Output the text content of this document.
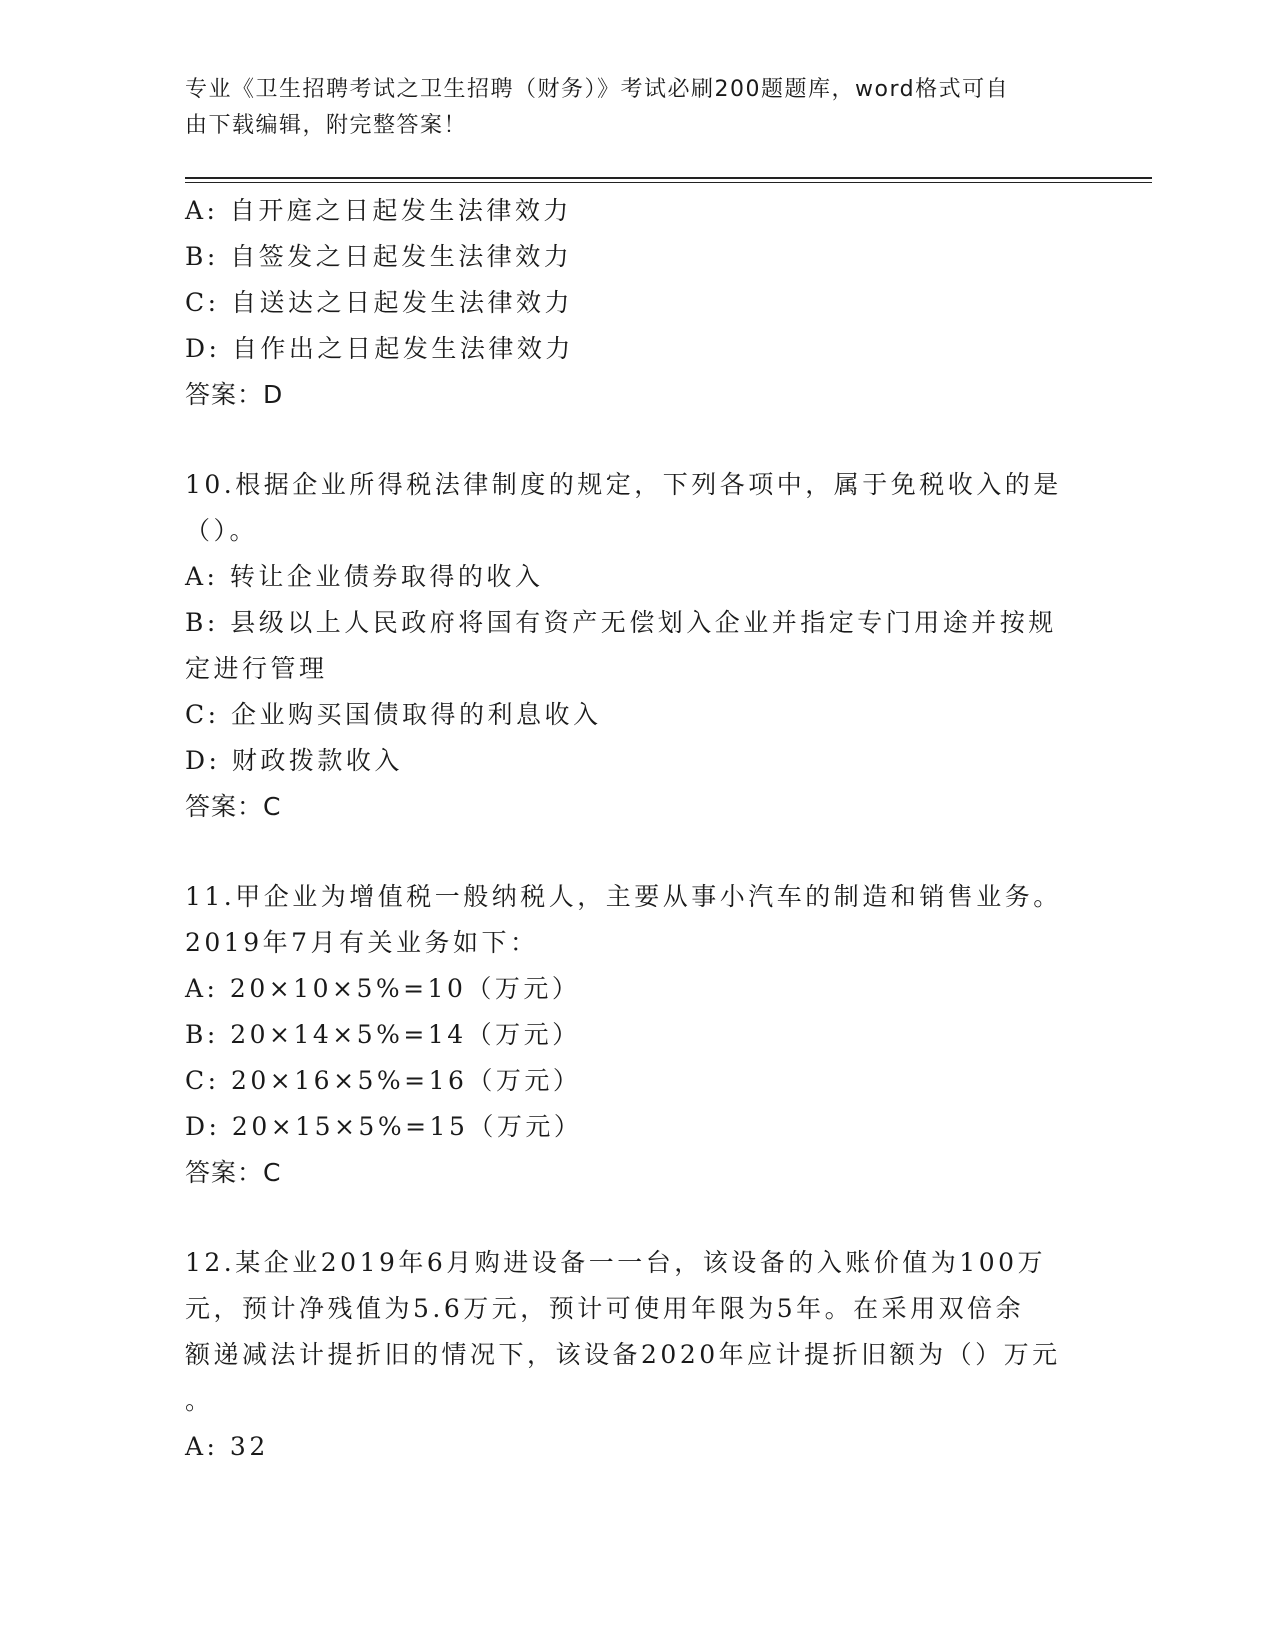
专业《卫生招聘考试之卫生招聘（财务）》考试必刷200题题库，word格式可自
由下载编辑，附完整答案！
A: 自开庭之日起发生法律效力
B: 自签发之日起发生法律效力
C: 自送达之日起发生法律效力
D: 自作出之日起发生法律效力
答案：D
10.根据企业所得税法律制度的规定，下列各项中，属于免税收入的是
（）。
A: 转让企业债券取得的收入
B: 县级以上人民政府将国有资产无偿划入企业并指定专门用途并按规
定进行管理
C: 企业购买国债取得的利息收入
D: 财政拨款收入
答案：C
11.甲企业为增值税一般纳税人，主要从事小汽车的制造和销售业务。
2019年7月有关业务如下：
A: 20×10×5%=10（万元）
B: 20×14×5%=14（万元）
C: 20×16×5%=16（万元）
D: 20×15×5%=15（万元）
答案：C
12.某企业2019年6月购进设备一一台，该设备的入账价值为100万
元，预计净残值为5.6万元，预计可使用年限为5年。在采用双倍余
额递减法计提折旧的情况下，该设备2020年应计提折旧额为（）万元
。
A: 32
